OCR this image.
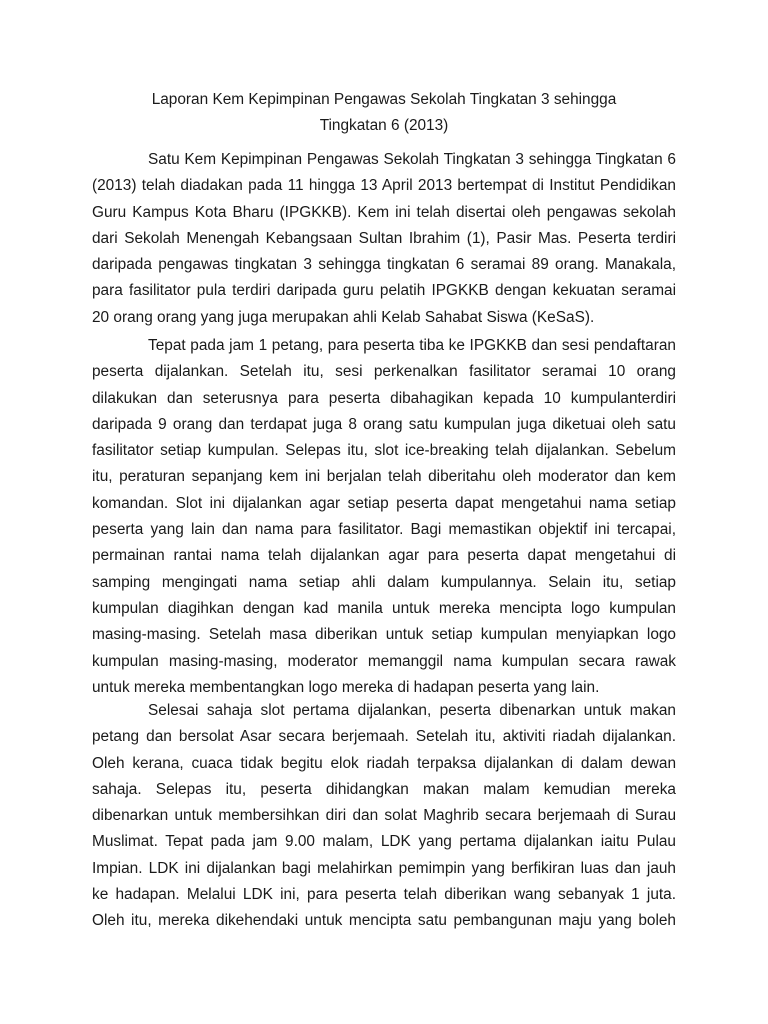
Laporan Kem Kepimpinan Pengawas Sekolah Tingkatan 3 sehingga
Tingkatan 6 (2013)
Satu Kem Kepimpinan Pengawas Sekolah Tingkatan 3 sehingga Tingkatan 6
(2013) telah diadakan pada 11 hingga 13 April 2013 bertempat di Institut Pendidikan
Guru Kampus Kota Bharu (IPGKKB). Kem ini telah disertai oleh pengawas sekolah
dari Sekolah Menengah Kebangsaan Sultan Ibrahim (1), Pasir Mas. Peserta terdiri
daripada pengawas tingkatan 3 sehingga tingkatan 6 seramai 89 orang. Manakala,
para fasilitator pula terdiri daripada guru pelatih IPGKKB dengan kekuatan seramai
20 orang orang yang juga merupakan ahli Kelab Sahabat Siswa (KeSaS).
Tepat pada jam 1 petang, para peserta tiba ke IPGKKB dan sesi pendaftaran
peserta dijalankan. Setelah itu, sesi perkenalkan fasilitator seramai 10 orang
dilakukan dan seterusnya para peserta dibahagikan kepada 10 kumpulanterdiri
daripada 9 orang dan terdapat juga 8 orang satu kumpulan juga diketuai oleh satu
fasilitator setiap kumpulan. Selepas itu, slot ice-breaking telah dijalankan. Sebelum
itu, peraturan sepanjang kem ini berjalan telah diberitahu oleh moderator dan kem
komandan. Slot ini dijalankan agar setiap peserta dapat mengetahui nama setiap
peserta yang lain dan nama para fasilitator. Bagi memastikan objektif ini tercapai,
permainan rantai nama telah dijalankan agar para peserta dapat mengetahui di
samping mengingati nama setiap ahli dalam kumpulannya. Selain itu, setiap
kumpulan diagihkan dengan kad manila untuk mereka mencipta logo kumpulan
masing-masing. Setelah masa diberikan untuk setiap kumpulan menyiapkan logo
kumpulan masing-masing, moderator memanggil nama kumpulan secara rawak
untuk mereka membentangkan logo mereka di hadapan peserta yang lain.
Selesai sahaja slot pertama dijalankan, peserta dibenarkan untuk makan
petang dan bersolat Asar secara berjemaah. Setelah itu, aktiviti riadah dijalankan.
Oleh kerana, cuaca tidak begitu elok riadah terpaksa dijalankan di dalam dewan
sahaja. Selepas itu, peserta dihidangkan makan malam kemudian mereka
dibenarkan untuk membersihkan diri dan solat Maghrib secara berjemaah di Surau
Muslimat. Tepat pada jam 9.00 malam, LDK yang pertama dijalankan iaitu Pulau
Impian. LDK ini dijalankan bagi melahirkan pemimpin yang berfikiran luas dan jauh
ke hadapan. Melalui LDK ini, para peserta telah diberikan wang sebanyak 1 juta.
Oleh itu, mereka dikehendaki untuk mencipta satu pembangunan maju yang boleh
